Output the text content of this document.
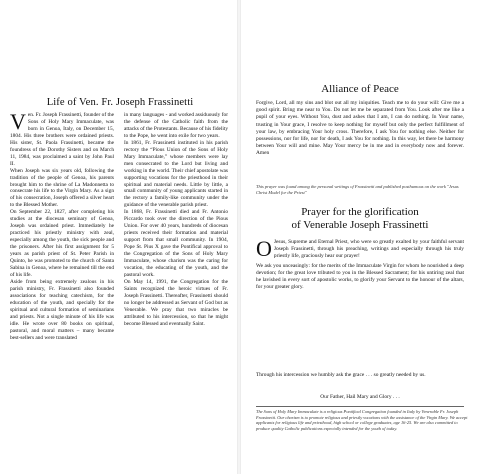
Life of Ven. Fr. Joseph Frassinetti

Ven. Fr. Joseph Frassinetti, founder of the Sons of Holy Mary Immaculate, was born in Genoa, Italy, on December 15, 1804. His three brothers were ordained priests. His sister, St. Paola Frassinetti, became the foundress of the Dorothy Sisters and on March 11, 1984, was proclaimed a saint by John Paul II.

When Joseph was six years old, following the tradition of the people of Genoa, his parents brought him to the shrine of La Madonnetta to consecrate his life to the Virgin Mary. As a sign of his consecration, Joseph offered a silver heart to the Blessed Mother.

On September 22, 1827, after completing his studies at the diocesan seminary of Genoa, Joseph was ordained priest. Immediately he practiced his priestly ministry with zeal, especially among the youth, the sick people and the prisoners. After his first assignment for 5 years as parish priest of St. Peter Parish in Quinto, he was promoted to the church of Santa Sabina in Genoa, where he remained till the end of his life.

Aside from being extremely zealous in his parish ministry, Fr. Frassinetti also founded associations for teaching catechism, for the education of the youth, and specially for the spiritual and cultural formation of seminarians and priests. Not a single minute of his life was idle. He wrote over 80 books on spiritual, pastoral, and moral matters – many became best-sellers and were translated

in many languages - and worked assiduously for the defense of the Catholic faith from the attacks of the Protestants. Because of his fidelity to the Pope, he went into exile for two years.

In 1861, Fr. Frassinetti instituted in his parish rectory the “Pious Union of the Sons of Holy Mary Immaculate,” whose members were lay men consecrated to the Lord but living and working in the world. Their chief apostolate was supporting vocations for the priesthood in their spiritual and material needs. Little by little, a small community of young applicants started in the rectory a family-like community under the guidance of the venerable parish priest.

In 1868, Fr. Frassinetti died and Fr. Antonio Piccardo took over the direction of the Pious Union. For over 40 years, hundreds of diocesan priests received their formation and material support from that small community. In 1904, Pope St. Pius X gave the Pontifical approval to the Congregation of the Sons of Holy Mary Immaculate, whose charism was the caring for vocation, the educating of the youth, and the pastoral work.

On May 14, 1991, the Congregation for the Saints recognized the heroic virtues of Fr. Joseph Frassinetti. Thereafter, Frassinetti should no longer be addressed as Servant of God but as Venerable. We pray that two miracles be attributed to his intercession, so that he might become Blessed and eventually Saint.

Alliance of Peace

Forgive, Lord, all my sins and blot out all my iniquities. Teach me to do your will: Give me a good spirit. Bring me near to You. Do not let me be separated from You. Look after me like a pupil of your eyes. Without You, dust and ashes that I am, I can do nothing. In Your name, trusting in Your grace, I resolve to keep nothing for myself but only the perfect fulfillment of your law, by embracing Your holy cross. Therefore, I ask You for nothing else. Neither for possessions, nor for life, nor for death, I ask You for nothing. In this way, let there be harmony between Your will and mine. May Your mercy be in me and in everybody now and forever. Amen

This prayer was found among the personal writings of Frassinetti and published posthumous on the work "Jesus Christ Model for the Priest"

Prayer for the glorification
of Venerable Joseph Frassinetti

O Jesus, Supreme and Eternal Priest, who were so greatly exalted by your faithful servant Joseph Frassinetti, through his preaching, writings and especially through his truly priestly life, graciously hear our prayer!

We ask you unceasingly: for the merits of the Immaculate Virgin for whom he nourished a deep devotion; for the great love tributed to you in the Blessed Sacrament; for his untiring zeal that he lavished in every sort of apostolic works, to glorify your Servant to the honour of the altars, for your greater glory.

Through his intercession we humbly ask the grace . . . so greatly needed by us.
Our Father, Hail Mary and Glory . . .

The Sons of Holy Mary Immaculate is a religious Pontifical Congregation founded in Italy by Venerable Fr. Joseph Frassinetti. Our charism is to promote religious and priestly vocations with the assistance of the Virgin Mary. We accept applicants for religious life and priesthood, high school or college graduates, age 16-25. We are also committed to produce quality Catholic publications especially intended for the youth of today.
